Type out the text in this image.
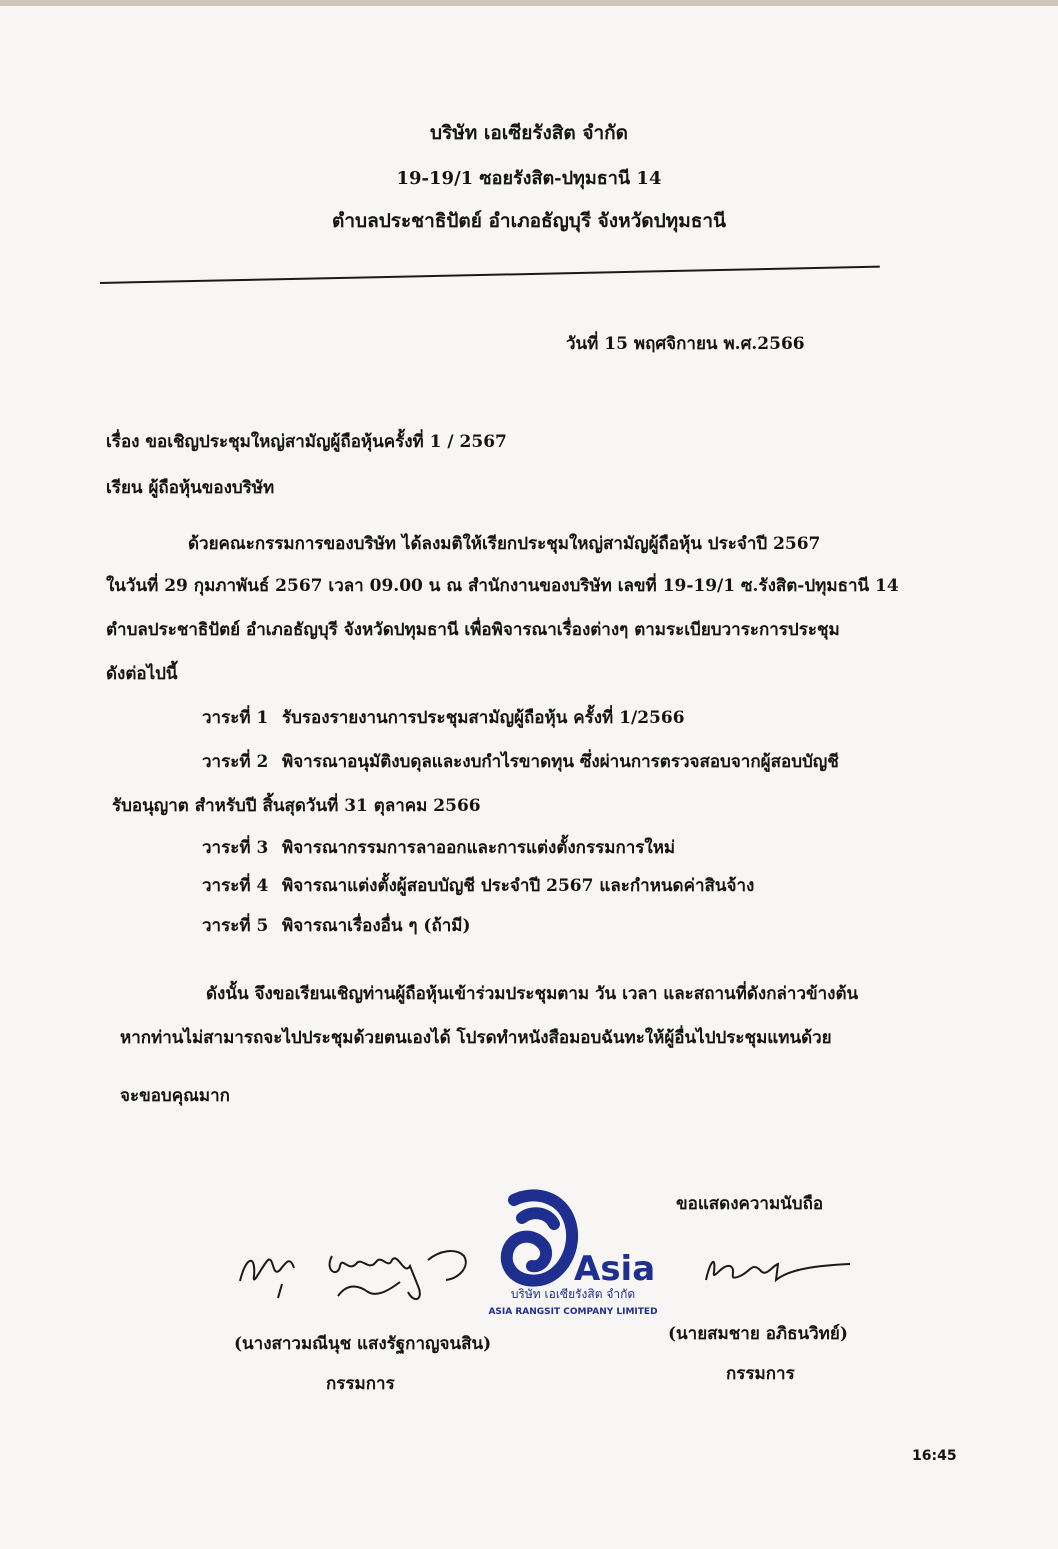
บริษัท เอเซียรังสิต จำกัด
19-19/1 ซอยรังสิต-ปทุมธานี 14
ตำบลประชาธิปัตย์ อำเภอธัญบุรี จังหวัดปทุมธานี
วันที่ 15 พฤศจิกายน พ.ศ.2566
เรื่อง ขอเชิญประชุมใหญ่สามัญผู้ถือหุ้นครั้งที่ 1 / 2567
เรียน ผู้ถือหุ้นของบริษัท
ด้วยคณะกรรมการของบริษัท ได้ลงมติให้เรียกประชุมใหญ่สามัญผู้ถือหุ้น ประจำปี 2567
ในวันที่ 29 กุมภาพันธ์ 2567 เวลา 09.00 น ณ สำนักงานของบริษัท เลขที่ 19-19/1 ซ.รังสิต-ปทุมธานี 14
ตำบลประชาธิปัตย์ อำเภอธัญบุรี จังหวัดปทุมธานี เพื่อพิจารณาเรื่องต่างๆ ตามระเบียบวาระการประชุม
ดังต่อไปนี้
วาระที่ 1 รับรองรายงานการประชุมสามัญผู้ถือหุ้น ครั้งที่ 1/2566
วาระที่ 2 พิจารณาอนุมัติงบดุลและงบกำไรขาดทุน ซึ่งผ่านการตรวจสอบจากผู้สอบบัญชี
รับอนุญาต สำหรับปี สิ้นสุดวันที่ 31 ตุลาคม 2566
วาระที่ 3 พิจารณากรรมการลาออกและการแต่งตั้งกรรมการใหม่
วาระที่ 4 พิจารณาแต่งตั้งผู้สอบบัญชี ประจำปี 2567 และกำหนดค่าสินจ้าง
วาระที่ 5 พิจารณาเรื่องอื่น ๆ (ถ้ามี)
ดังนั้น จึงขอเรียนเชิญท่านผู้ถือหุ้นเข้าร่วมประชุมตาม วัน เวลา และสถานที่ดังกล่าวข้างต้น
หากท่านไม่สามารถจะไปประชุมด้วยตนเองได้ โปรดทำหนังสือมอบฉันทะให้ผู้อื่นไปประชุมแทนด้วย
จะขอบคุณมาก
ขอแสดงความนับถือ
Asia
บริษัท เอเซียรังสิต จำกัด
ASIA RANGSIT COMPANY LIMITED
(นางสาวมณีนุช แสงรัฐกาญจนสิน)
กรรมการ
(นายสมชาย อภิธนวิทย์)
กรรมการ
16:45
